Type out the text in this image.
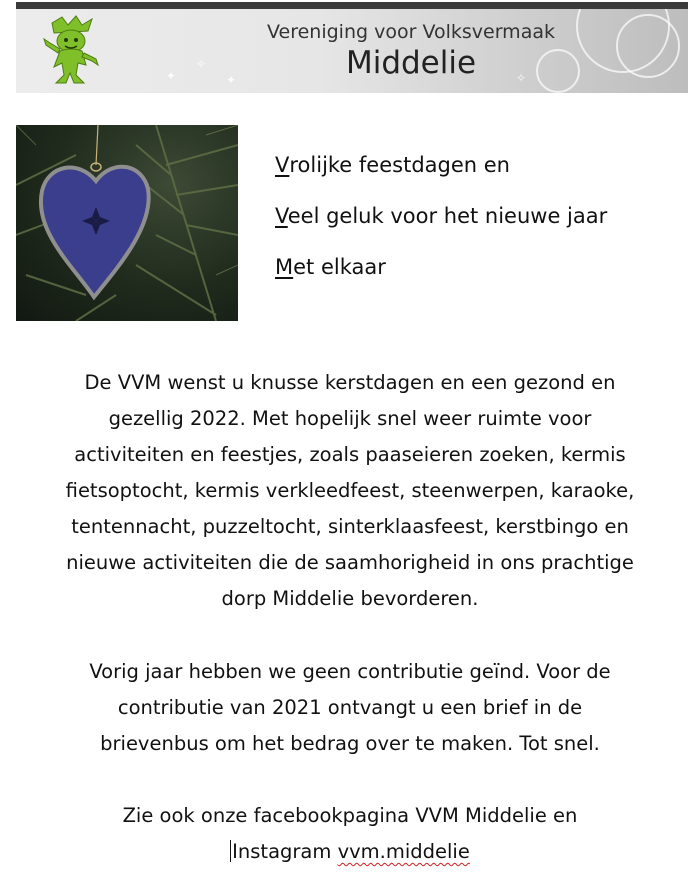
✦
✧
✦	✧
Vereniging voor Volksvermaak
Middelie
Vrolijke feestdagen en
Veel geluk voor het nieuwe jaar
Met elkaar
De VVM wenst u knusse kerstdagen en een gezond en
gezellig 2022. Met hopelijk snel weer ruimte voor
activiteiten en feestjes, zoals paaseieren zoeken, kermis
fietsoptocht, kermis verkleedfeest, steenwerpen, karaoke,
tentennacht, puzzeltocht, sinterklaasfeest, kerstbingo en
nieuwe activiteiten die de saamhorigheid in ons prachtige
dorp Middelie bevorderen.
Vorig jaar hebben we geen contributie geïnd. Voor de
contributie van 2021 ontvangt u een brief in de
brievenbus om het bedrag over te maken. Tot snel.
Zie ook onze facebookpagina VVM Middelie en
Instagram vvm.middelie
